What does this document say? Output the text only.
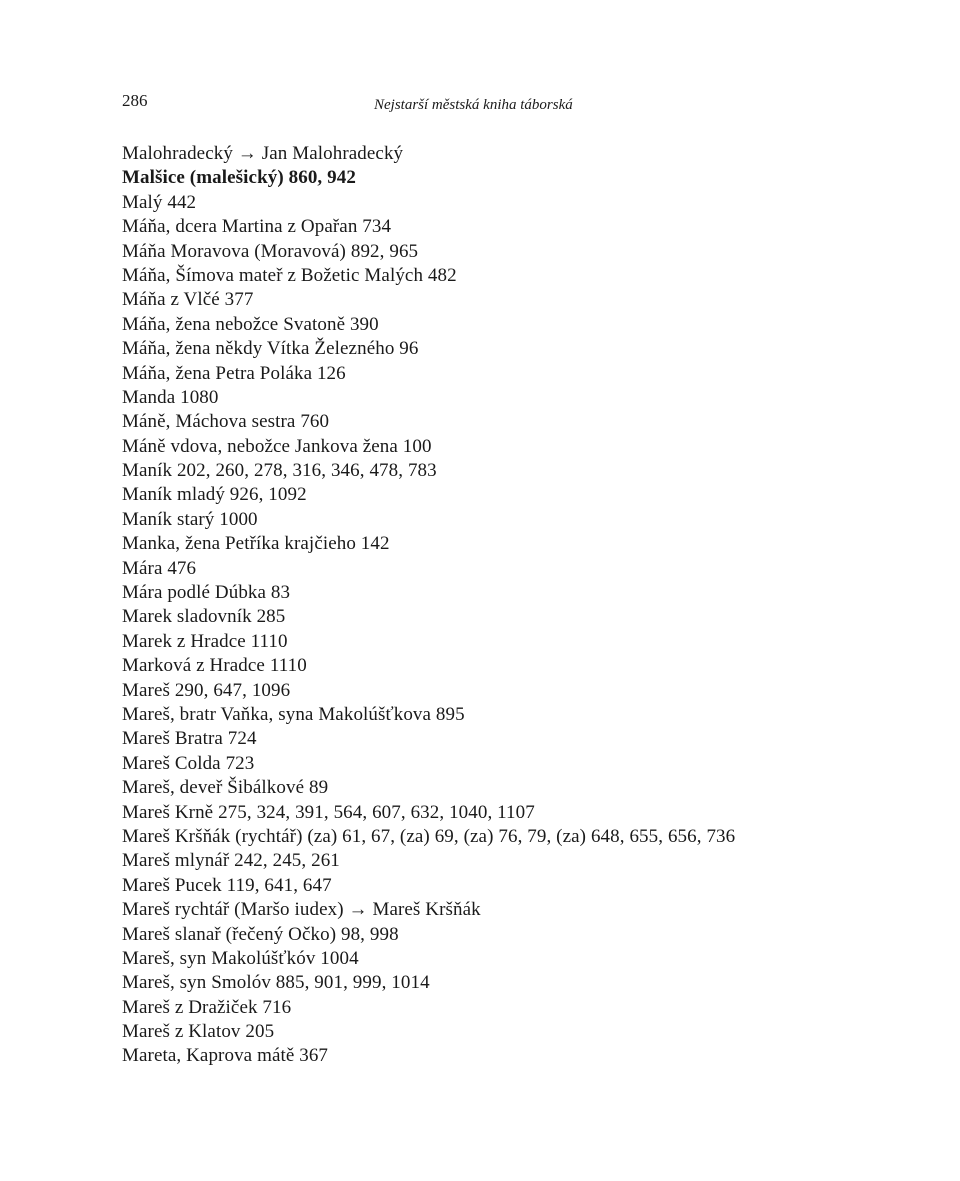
286	Nejstarší městská kniha táborská
Malohradecký → Jan Malohradecký
Malšice (malešický) 860, 942
Malý 442
Máňa, dcera Martina z Opařan 734
Máňa Moravova (Moravová) 892, 965
Máňa, Šímova mateř z Božetic Malých 482
Máňa z Vlčé 377
Máňa, žena nebožce Svatoně 390
Máňa, žena někdy Vítka Železného 96
Máňa, žena Petra Poláka 126
Manda 1080
Máně, Máchova sestra 760
Máně vdova, nebožce Jankova žena 100
Maník 202, 260, 278, 316, 346, 478, 783
Maník mladý 926, 1092
Maník starý 1000
Manka, žena Petříka krajčieho 142
Mára 476
Mára podlé Dúbka 83
Marek sladovník 285
Marek z Hradce 1110
Marková z Hradce 1110
Mareš 290, 647, 1096
Mareš, bratr Vaňka, syna Makolúšťkova 895
Mareš Bratra 724
Mareš Colda 723
Mareš, deveř Šibálkové 89
Mareš Krně 275, 324, 391, 564, 607, 632, 1040, 1107
Mareš Kršňák (rychtář) (za) 61, 67, (za) 69, (za) 76, 79, (za) 648, 655, 656, 736
Mareš mlynář 242, 245, 261
Mareš Pucek 119, 641, 647
Mareš rychtář (Maršo iudex) → Mareš Kršňák
Mareš slanař (řečený Očko) 98, 998
Mareš, syn Makolúšťkóv 1004
Mareš, syn Smolóv 885, 901, 999, 1014
Mareš z Dražiček 716
Mareš z Klatov 205
Mareta, Kaprova mátě 367
